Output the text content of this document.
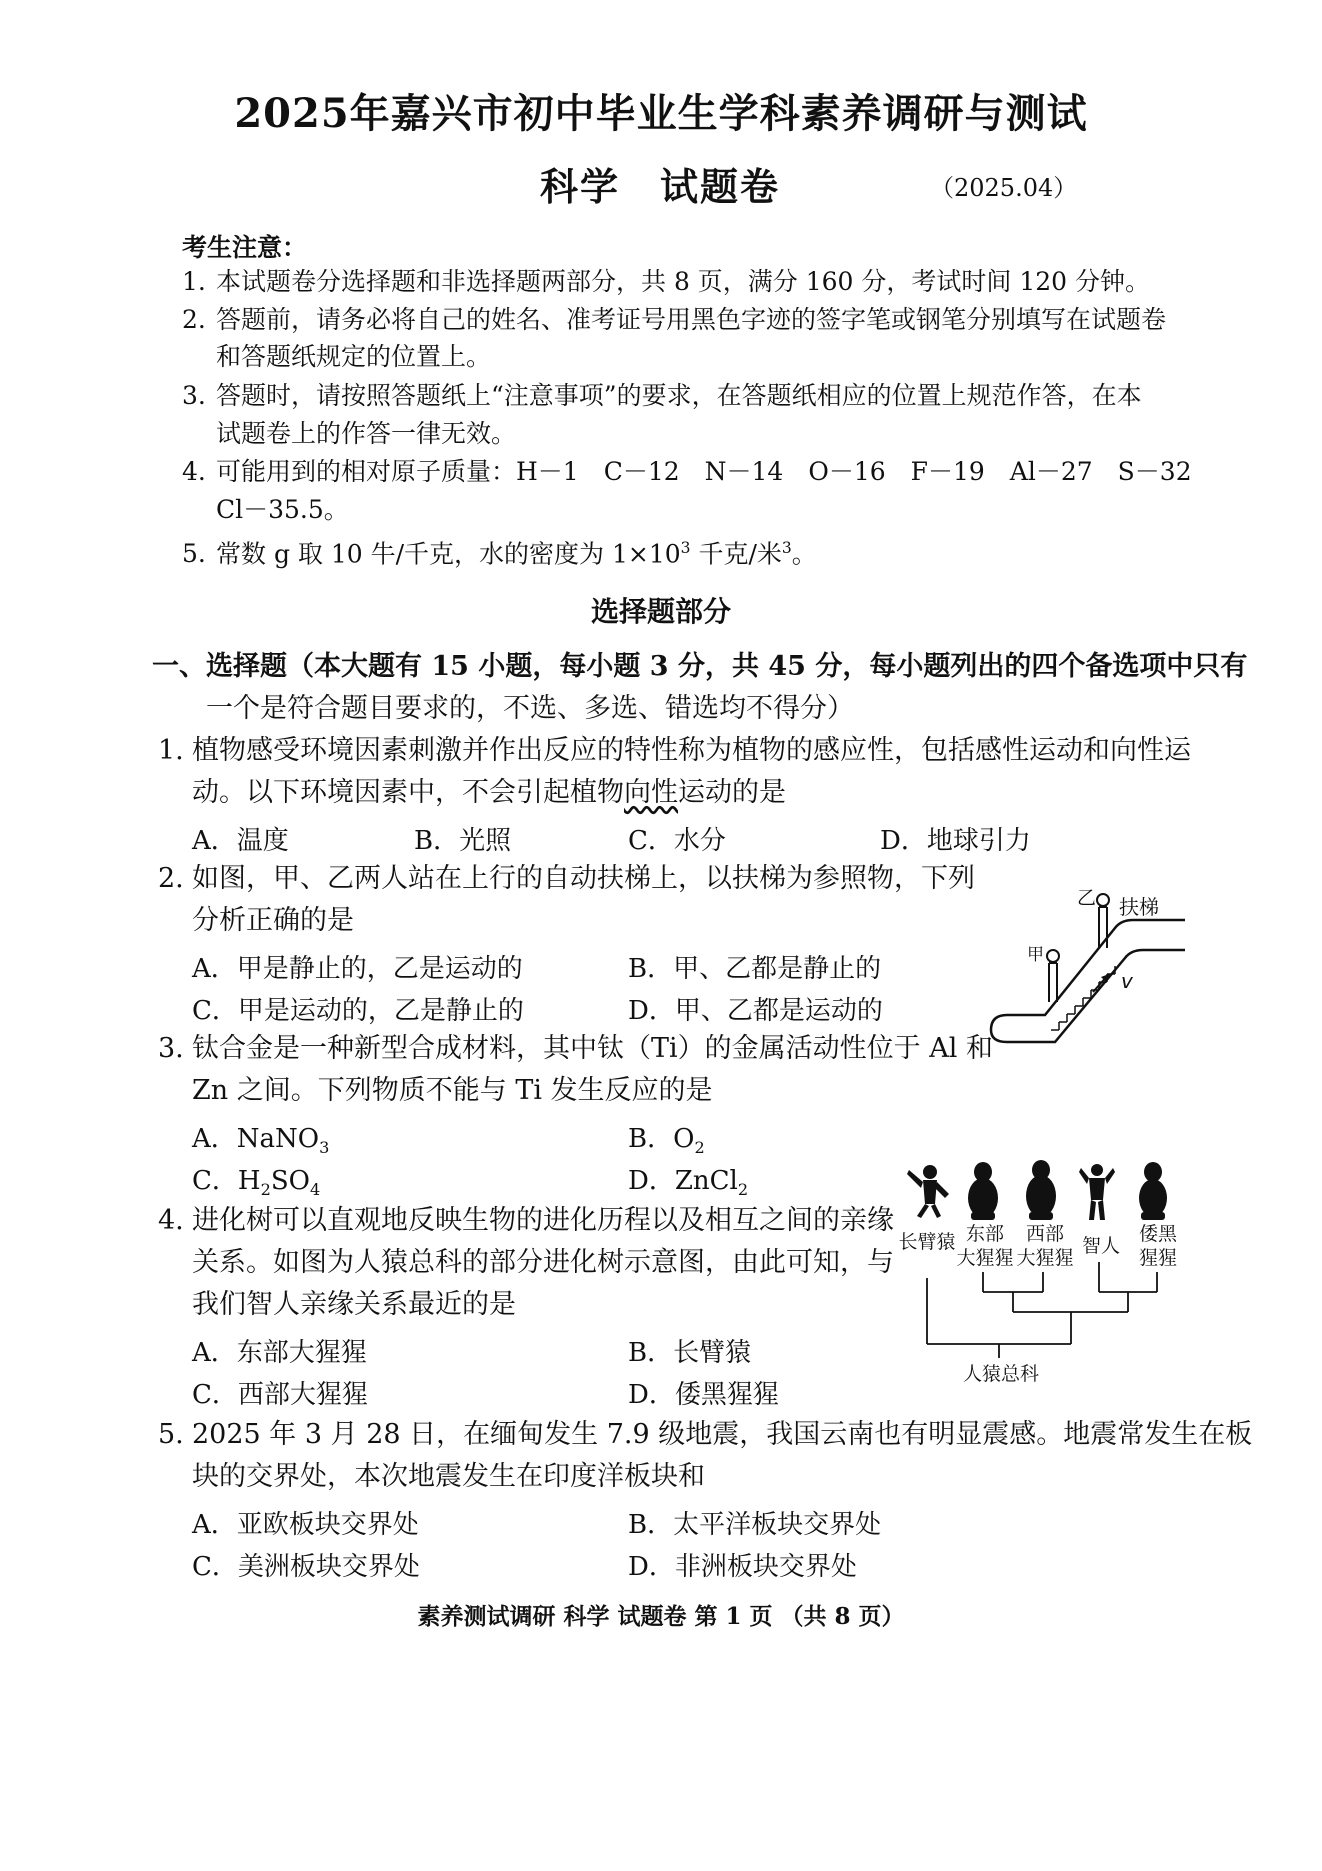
2025年嘉兴市初中毕业生学科素养调研与测试
科学 试题卷	（2025.04）
考生注意：
1. 本试题卷分选择题和非选择题两部分，共 8 页，满分 160 分，考试时间 120 分钟。
2. 答题前，请务必将自己的姓名、准考证号用黑色字迹的签字笔或钢笔分别填写在试题卷
和答题纸规定的位置上。
3. 答题时，请按照答题纸上“注意事项”的要求，在答题纸相应的位置上规范作答，在本
试题卷上的作答一律无效。
4. 可能用到的相对原子质量：H－1　C－12　N－14　O－16　F－19　Al－27　S－32
Cl－35.5。
5. 常数 g 取 10 牛/千克，水的密度为 $1\times 10^3$ 千克/米$^3$。
选择题部分
一、选择题（本大题有 15 小题，每小题 3 分，共 45 分，每小题列出的四个备选项中只有
一个是符合题目要求的，不选、多选、错选均不得分）
1. 植物感受环境因素刺激并作出反应的特性称为植物的感应性，包括感性运动和向性运
动。以下环境因素中，不会引起植物向性运动的是
A．温度	B．光照	C．水分	D．地球引力
2. 如图，甲、乙两人站在上行的自动扶梯上，以扶梯为参照物，下列
分析正确的是
A．甲是静止的，乙是运动的	B．甲、乙都是静止的
C．甲是运动的，乙是静止的	D．甲、乙都是运动的
乙
甲
扶梯
v
3. 钛合金是一种新型合成材料，其中钛（Ti）的金属活动性位于 Al 和
Zn 之间。下列物质不能与 Ti 发生反应的是
A．NaNO$_3$	B．$O_2$
C．$H_2SO_4$	D．ZnCl$_2$
4. 进化树可以直观地反映生物的进化历程以及相互之间的亲缘
关系。如图为人猿总科的部分进化树示意图，由此可知，与
我们智人亲缘关系最近的是
A．东部大猩猩	B．长臂猿
C．西部大猩猩	D．倭黑猩猩
长臂猿 东部
大猩猩
西部
大猩猩
智人
倭黑
猩猩
人猿总科
5. 2025 年 3 月 28 日，在缅甸发生 7.9 级地震，我国云南也有明显震感。地震常发生在板
块的交界处，本次地震发生在印度洋板块和
A．亚欧板块交界处	B．太平洋板块交界处
C．美洲板块交界处	D．非洲板块交界处
素养测试调研 科学 试题卷 第 1 页 （共 8 页）
